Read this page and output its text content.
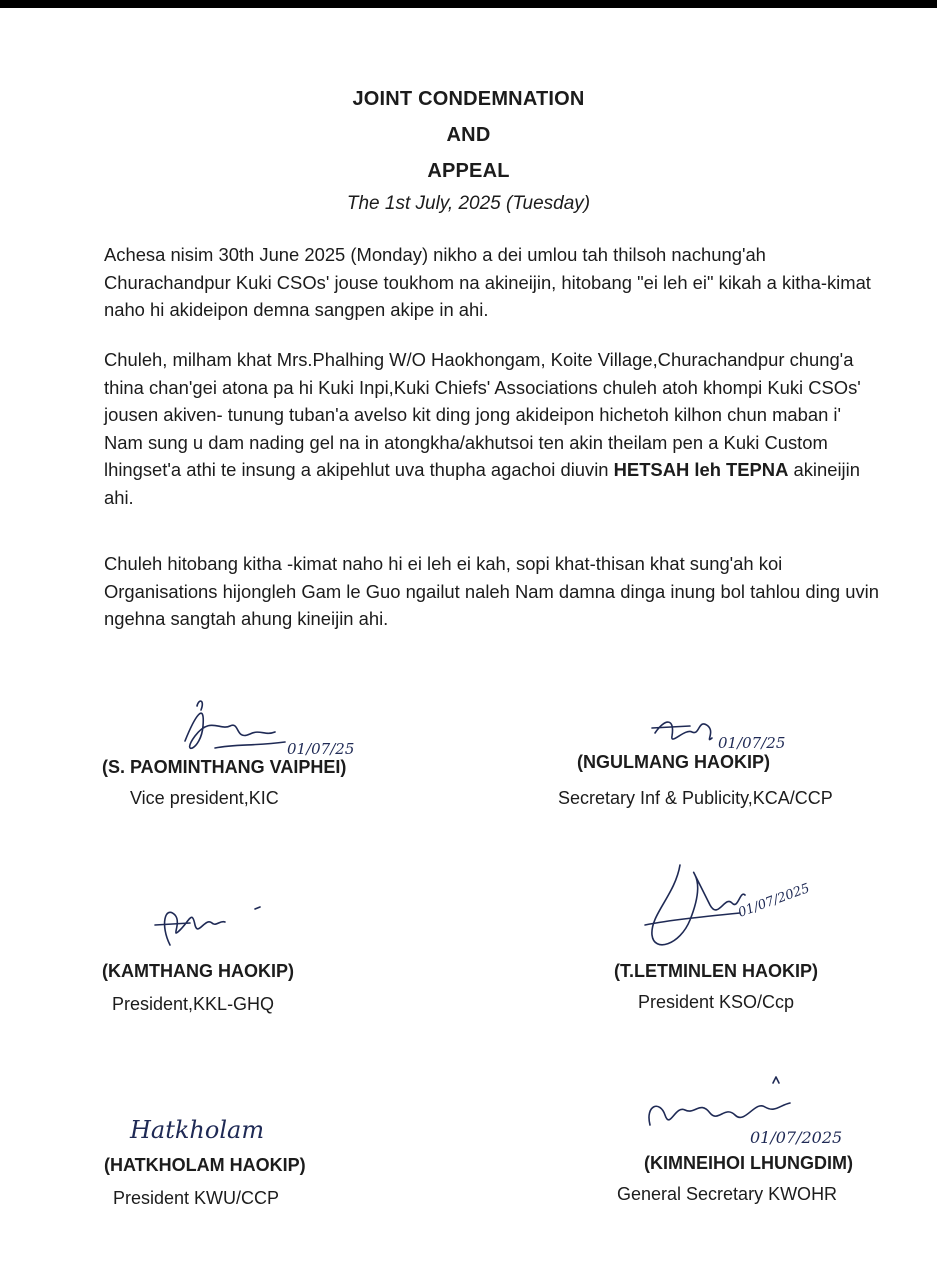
JOINT CONDEMNATION
AND
APPEAL
The 1st July, 2025 (Tuesday)

Achesa nisim 30th June 2025 (Monday) nikho a dei umlou tah thilsoh nachung'ah Churachandpur Kuki CSOs' jouse toukhom na akineijin, hitobang "ei leh ei" kikah a kitha-kimat naho hi akideipon demna sangpen akipe in ahi.

Chuleh, milham khat Mrs.Phalhing W/O Haokhongam, Koite Village,Churachandpur chung'a thina chan'gei atona pa hi Kuki Inpi,Kuki Chiefs' Associations chuleh atoh khompi Kuki CSOs' jousen akiven- tunung tuban'a avelso kit ding jong akideipon hichetoh kilhon chun maban i' Nam sung u dam nading gel na in atongkha/akhutsoi ten akin theilam pen a Kuki Custom lhingset'a athi te insung a akipehlut uva thupha agachoi diuvin HETSAH leh TEPNA akineijin ahi.

Chuleh hitobang kitha -kimat naho hi ei leh ei kah, sopi khat-thisan khat sung'ah koi Organisations hijongleh Gam le Guo ngailut naleh Nam damna dinga inung bol tahlou ding uvin ngehna sangtah ahung kineijin ahi.

01/07/25
(S. PAOMINTHANG VAIPHEI)
Vice president,KIC
01/07/25
(NGULMANG HAOKIP)
Secretary Inf & Publicity,KCA/CCP
(KAMTHANG HAOKIP)
President,KKL-GHQ
01/07/2025
(T.LETMINLEN HAOKIP)
President KSO/Ccp
Hatkholam
(HATKHOLAM HAOKIP)
President KWU/CCP
01/07/2025
(KIMNEIHOI LHUNGDIM)
General Secretary KWOHR
